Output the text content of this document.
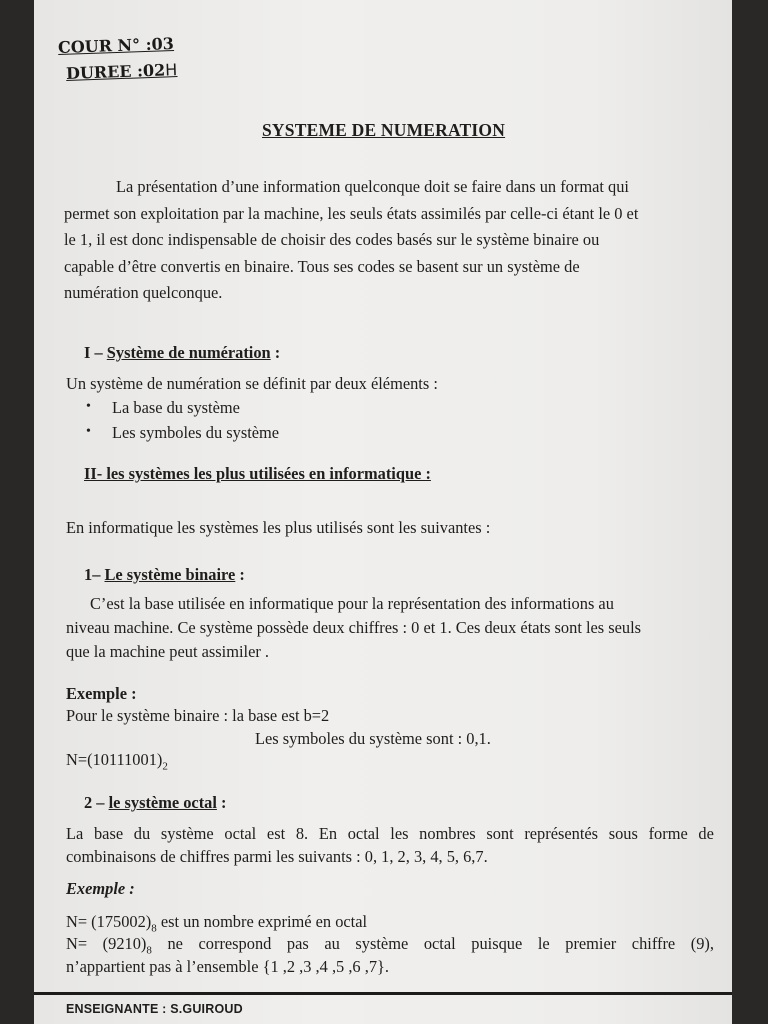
COUR N° :03
DUREE :02H
SYSTEME DE NUMERATION
La présentation d’une information quelconque doit se faire dans un format qui
permet son exploitation par la machine, les seuls états assimilés par celle-ci étant le 0 et
le 1, il est donc indispensable de choisir des codes basés sur le système binaire ou
capable d’être convertis en binaire. Tous ses codes se basent sur un système de
numération quelconque.
I – Système de numération :
Un système de numération se définit par deux éléments :
• La base du système
• Les symboles du système
II- les systèmes les plus utilisées en informatique :
En informatique les systèmes les plus utilisés sont les suivantes :
1– Le système binaire :
C’est la base utilisée en informatique pour la représentation des informations au
niveau machine. Ce système possède deux chiffres : 0 et 1. Ces deux états sont les seuls
que la machine peut assimiler .
Exemple :
Pour le système binaire : la base est b=2
Les symboles du système sont : 0,1.
$N=(10111001)_2$
2 – le système octal :
La base du système octal est 8. En octal les nombres sont représentés sous forme de
combinaisons de chiffres parmi les suivants : 0, 1, 2, 3, 4, 5, 6,7.
Exemple :
$N= (175002)_8$ est un nombre exprimé en octal
$N= (9210)_8$ ne correspond pas au système octal puisque le premier chiffre (9),
n’appartient pas à l’ensemble {1 ,2 ,3 ,4 ,5 ,6 ,7}.
ENSEIGNANTE : S.GUIROUD
